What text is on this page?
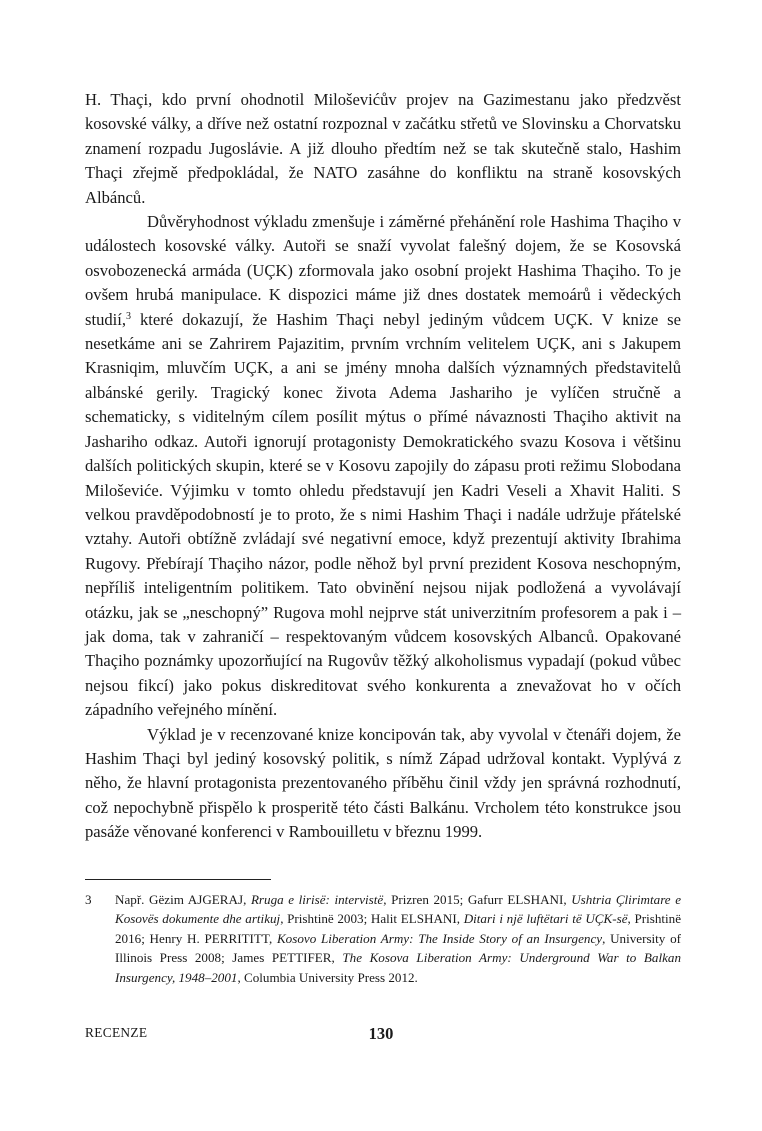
H. Thaçi, kdo první ohodnotil Miloševićův projev na Gazimestanu jako předzvěst kosovské války, a dříve než ostatní rozpoznal v začátku střetů ve Slovinsku a Chorvatsku znamení rozpadu Jugoslávie. A již dlouho předtím než se tak skutečně stalo, Hashim Thaçi zřejmě předpokládal, že NATO zasáhne do konfliktu na straně kosovských Albánců.

Důvěryhodnost výkladu zmenšuje i záměrné přehánění role Hashima Thaçiho v událostech kosovské války. Autoři se snaží vyvolat falešný dojem, že se Kosovská osvobozenecká armáda (UÇK) zformovala jako osobní projekt Hashima Thaçiho. To je ovšem hrubá manipulace. K dispozici máme již dnes dostatek memoárů i vědeckých studií,$^3$ které dokazují, že Hashim Thaçi nebyl jediným vůdcem UÇK. V knize se nesetkáme ani se Zahrirem Pajazitim, prvním vrchním velitelem UÇK, ani s Jakupem Krasniqim, mluvčím UÇK, a ani se jmény mnoha dalších významných představitelů albánské gerily. Tragický konec života Adema Jashariho je vylíčen stručně a schematicky, s viditelným cílem posílit mýtus o přímé návaznosti Thaçiho aktivit na Jashariho odkaz. Autoři ignorují protagonisty Demokratického svazu Kosova i většinu dalších politických skupin, které se v Kosovu zapojily do zápasu proti režimu Slobodana Miloševiće. Výjimku v tomto ohledu představují jen Kadri Veseli a Xhavit Haliti. S velkou pravděpodobností je to proto, že s nimi Hashim Thaçi i nadále udržuje přátelské vztahy. Autoři obtížně zvládají své negativní emoce, když prezentují aktivity Ibrahima Rugovy. Přebírají Thaçiho názor, podle něhož byl první prezident Kosova neschopným, nepříliš inteligentním politikem. Tato obvinění nejsou nijak podložená a vyvolávají otázku, jak se „neschopný” Rugova mohl nejprve stát univerzitním profesorem a pak i – jak doma, tak v zahraničí – respektovaným vůdcem kosovských Albanců. Opakované Thaçiho poznámky upozorňující na Rugovův těžký alkoholismus vypadají (pokud vůbec nejsou fikcí) jako pokus diskreditovat svého konkurenta a znevažovat ho v očích západního veřejného mínění.

Výklad je v recenzované knize koncipován tak, aby vyvolal v čtenáři dojem, že Hashim Thaçi byl jediný kosovský politik, s nímž Západ udržoval kontakt. Vyplývá z něho, že hlavní protagonista prezentovaného příběhu činil vždy jen správná rozhodnutí, což nepochybně přispělo k prosperitě této části Balkánu. Vrcholem této konstrukce jsou pasáže věnované konferenci v Rambouilletu v březnu 1999.

3 Např. Gëzim AJGERAJ, Rruga e lirisë: intervistë, Prizren 2015; Gafurr ELSHANI, Ushtria Çlirimtare e Kosovës dokumente dhe artikuj, Prishtinë 2003; Halit ELSHANI, Ditari i një luftëtari të UÇK-së, Prishtinë 2016; Henry H. PERRITITT, Kosovo Liberation Army: The Inside Story of an Insurgency, University of Illinois Press 2008; James PETTIFER, The Kosova Liberation Army: Underground War to Balkan Insurgency, 1948–2001, Columbia University Press 2012.
RECENZE	130
